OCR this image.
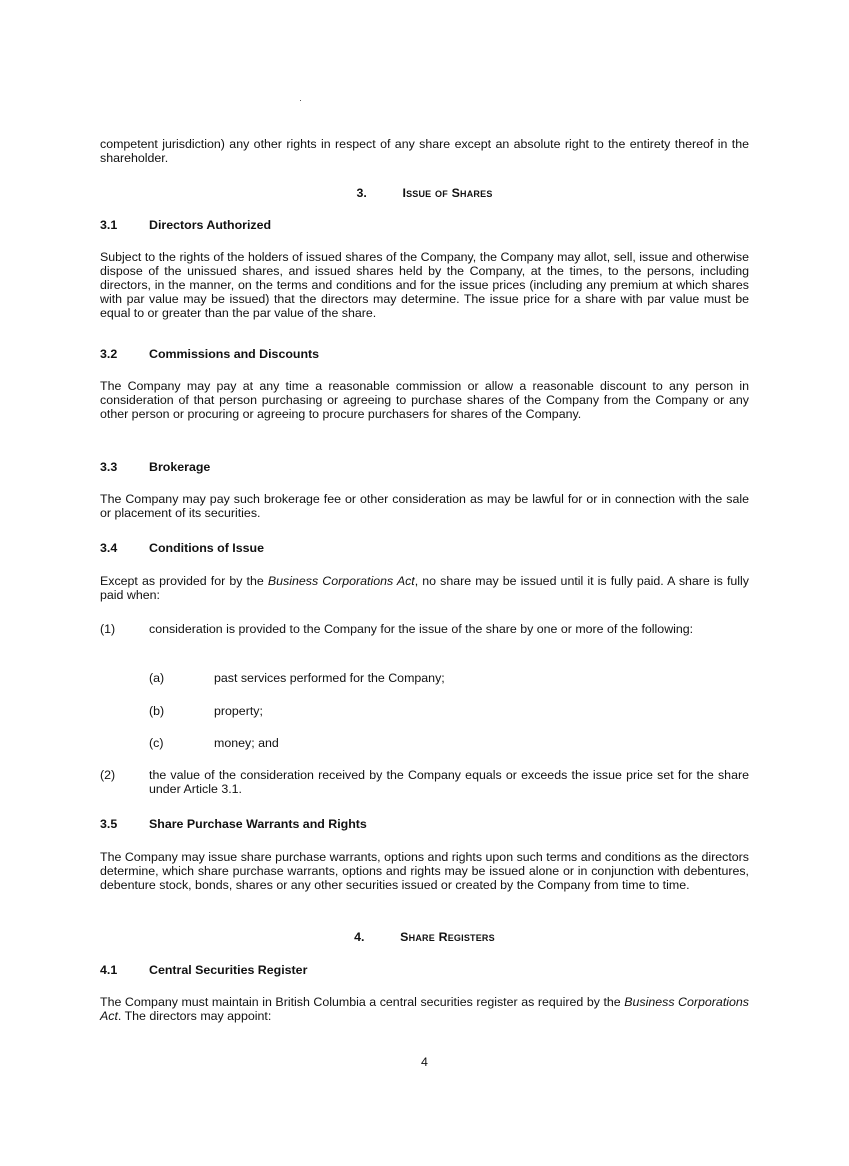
competent jurisdiction) any other rights in respect of any share except an absolute right to the entirety thereof in the shareholder.

3.	Issue of Shares
3.1	Directors Authorized

Subject to the rights of the holders of issued shares of the Company, the Company may allot, sell, issue and otherwise dispose of the unissued shares, and issued shares held by the Company, at the times, to the persons, including directors, in the manner, on the terms and conditions and for the issue prices (including any premium at which shares with par value may be issued) that the directors may determine. The issue price for a share with par value must be equal to or greater than the par value of the share.

3.2	Commissions and Discounts

The Company may pay at any time a reasonable commission or allow a reasonable discount to any person in consideration of that person purchasing or agreeing to purchase shares of the Company from the Company or any other person or procuring or agreeing to procure purchasers for shares of the Company.

3.3	Brokerage

The Company may pay such brokerage fee or other consideration as may be lawful for or in connection with the sale or placement of its securities.

3.4	Conditions of Issue

Except as provided for by the Business Corporations Act, no share may be issued until it is fully paid. A share is fully paid when:

(1)	consideration is provided to the Company for the issue of the share by one or more of the following:
(a)	past services performed for the Company;
(b)	property;
(c)	money; and
(2)	the value of the consideration received by the Company equals or exceeds the issue price set for the share under Article 3.1.
3.5	Share Purchase Warrants and Rights

The Company may issue share purchase warrants, options and rights upon such terms and conditions as the directors determine, which share purchase warrants, options and rights may be issued alone or in conjunction with debentures, debenture stock, bonds, shares or any other securities issued or created by the Company from time to time.

4.	Share Registers
4.1	Central Securities Register

The Company must maintain in British Columbia a central securities register as required by the Business Corporations Act. The directors may appoint:

4
